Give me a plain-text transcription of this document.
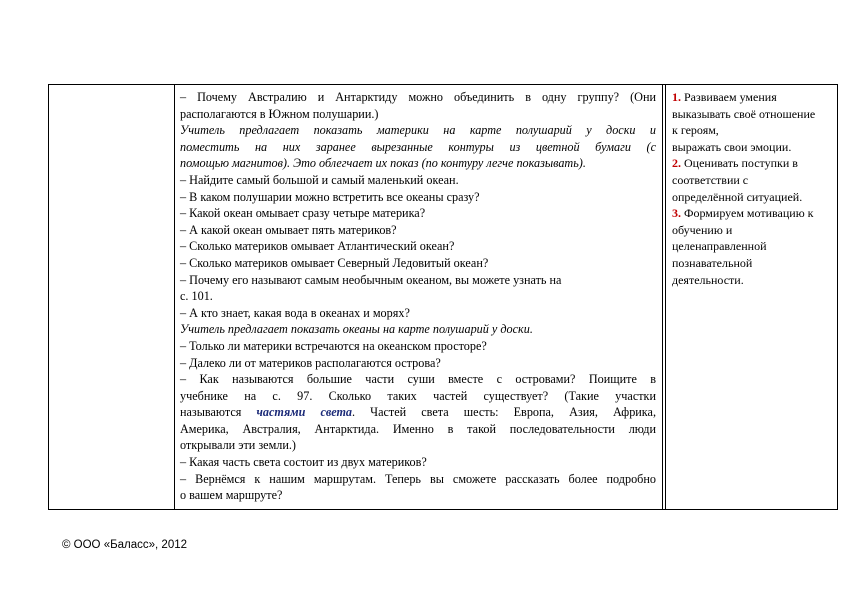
– Почему Австралию и Антарктиду можно объединить в одну группу? (Они
располагаются в Южном полушарии.)
Учитель предлагает показать материки на карте полушарий у доски и
поместить на них заранее вырезанные контуры из цветной бумаги (с
помощью магнитов). Это облегчает их показ (по контуру легче показывать).
– Найдите самый большой и самый маленький океан.
– В каком полушарии можно встретить все океаны сразу?
– Какой океан омывает сразу четыре материка?
– А какой океан омывает пять материков?
– Сколько материков омывает Атлантический океан?
– Сколько материков омывает Северный Ледовитый океан?
– Почему его называют самым необычным океаном, вы можете узнать на
с. 101.
– А кто знает, какая вода в океанах и морях?
Учитель предлагает показать океаны на карте полушарий у доски.
– Только ли материки встречаются на океанском просторе?
– Далеко ли от материков располагаются острова?
– Как называются большие части суши вместе с островами? Поищите в
учебнике на с. 97. Сколько таких частей существует? (Такие участки
называются частями света. Частей света шесть: Европа, Азия, Африка,
Америка, Австралия, Антарктида. Именно в такой последовательности люди
открывали эти земли.)
– Какая часть света состоит из двух материков?
– Вернёмся к нашим маршрутам. Теперь вы сможете рассказать более подробно
о вашем маршруте?
1. Развиваем умения
выказывать своё отношение
к героям,
выражать свои эмоции.
2. Оценивать поступки в
соответствии с
определённой ситуацией.
3. Формируем мотивацию к
обучению и
целенаправленной
познавательной
деятельности.
© ООО «Баласс», 2012
